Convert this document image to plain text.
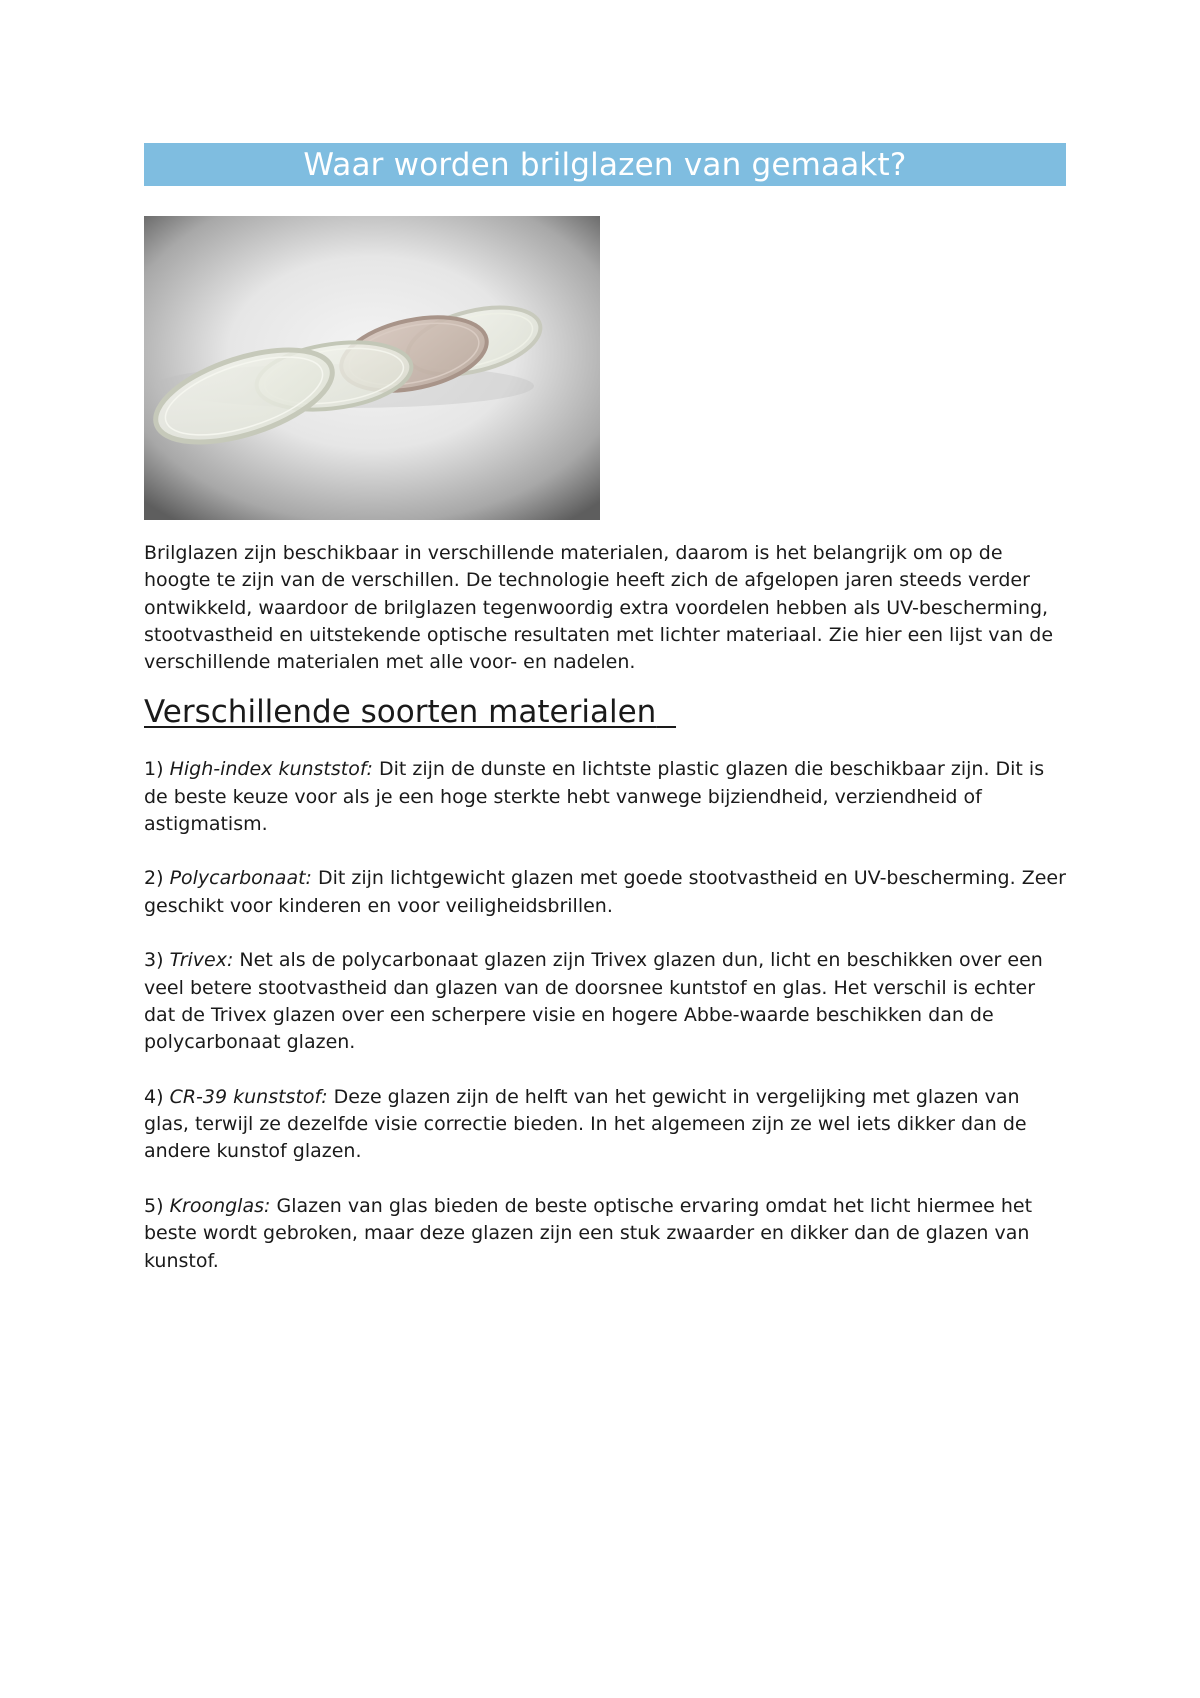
Waar worden brilglazen van gemaakt?

Brilglazen zijn beschikbaar in verschillende materialen, daarom is het belangrijk om op de hoogte te zijn van de verschillen. De technologie heeft zich de afgelopen jaren steeds verder ontwikkeld, waardoor de brilglazen tegenwoordig extra voordelen hebben als UV-bescherming, stootvastheid en uitstekende optische resultaten met lichter materiaal. Zie hier een lijst van de verschillende materialen met alle voor- en nadelen.

Verschillende soorten materialen

1) High-index kunststof: Dit zijn de dunste en lichtste plastic glazen die beschikbaar zijn. Dit is de beste keuze voor als je een hoge sterkte hebt vanwege bijziendheid, verziendheid of astigmatism.

2) Polycarbonaat: Dit zijn lichtgewicht glazen met goede stootvastheid en UV-bescherming. Zeer geschikt voor kinderen en voor veiligheidsbrillen.

3) Trivex: Net als de polycarbonaat glazen zijn Trivex glazen dun, licht en beschikken over een veel betere stootvastheid dan glazen van de doorsnee kuntstof en glas. Het verschil is echter dat de Trivex glazen over een scherpere visie en hogere Abbe-waarde beschikken dan de polycarbonaat glazen.

4) CR-39 kunststof: Deze glazen zijn de helft van het gewicht in vergelijking met glazen van glas, terwijl ze dezelfde visie correctie bieden. In het algemeen zijn ze wel iets dikker dan de andere kunstof glazen.

5) Kroonglas: Glazen van glas bieden de beste optische ervaring omdat het licht hiermee het beste wordt gebroken, maar deze glazen zijn een stuk zwaarder en dikker dan de glazen van kunstof.
